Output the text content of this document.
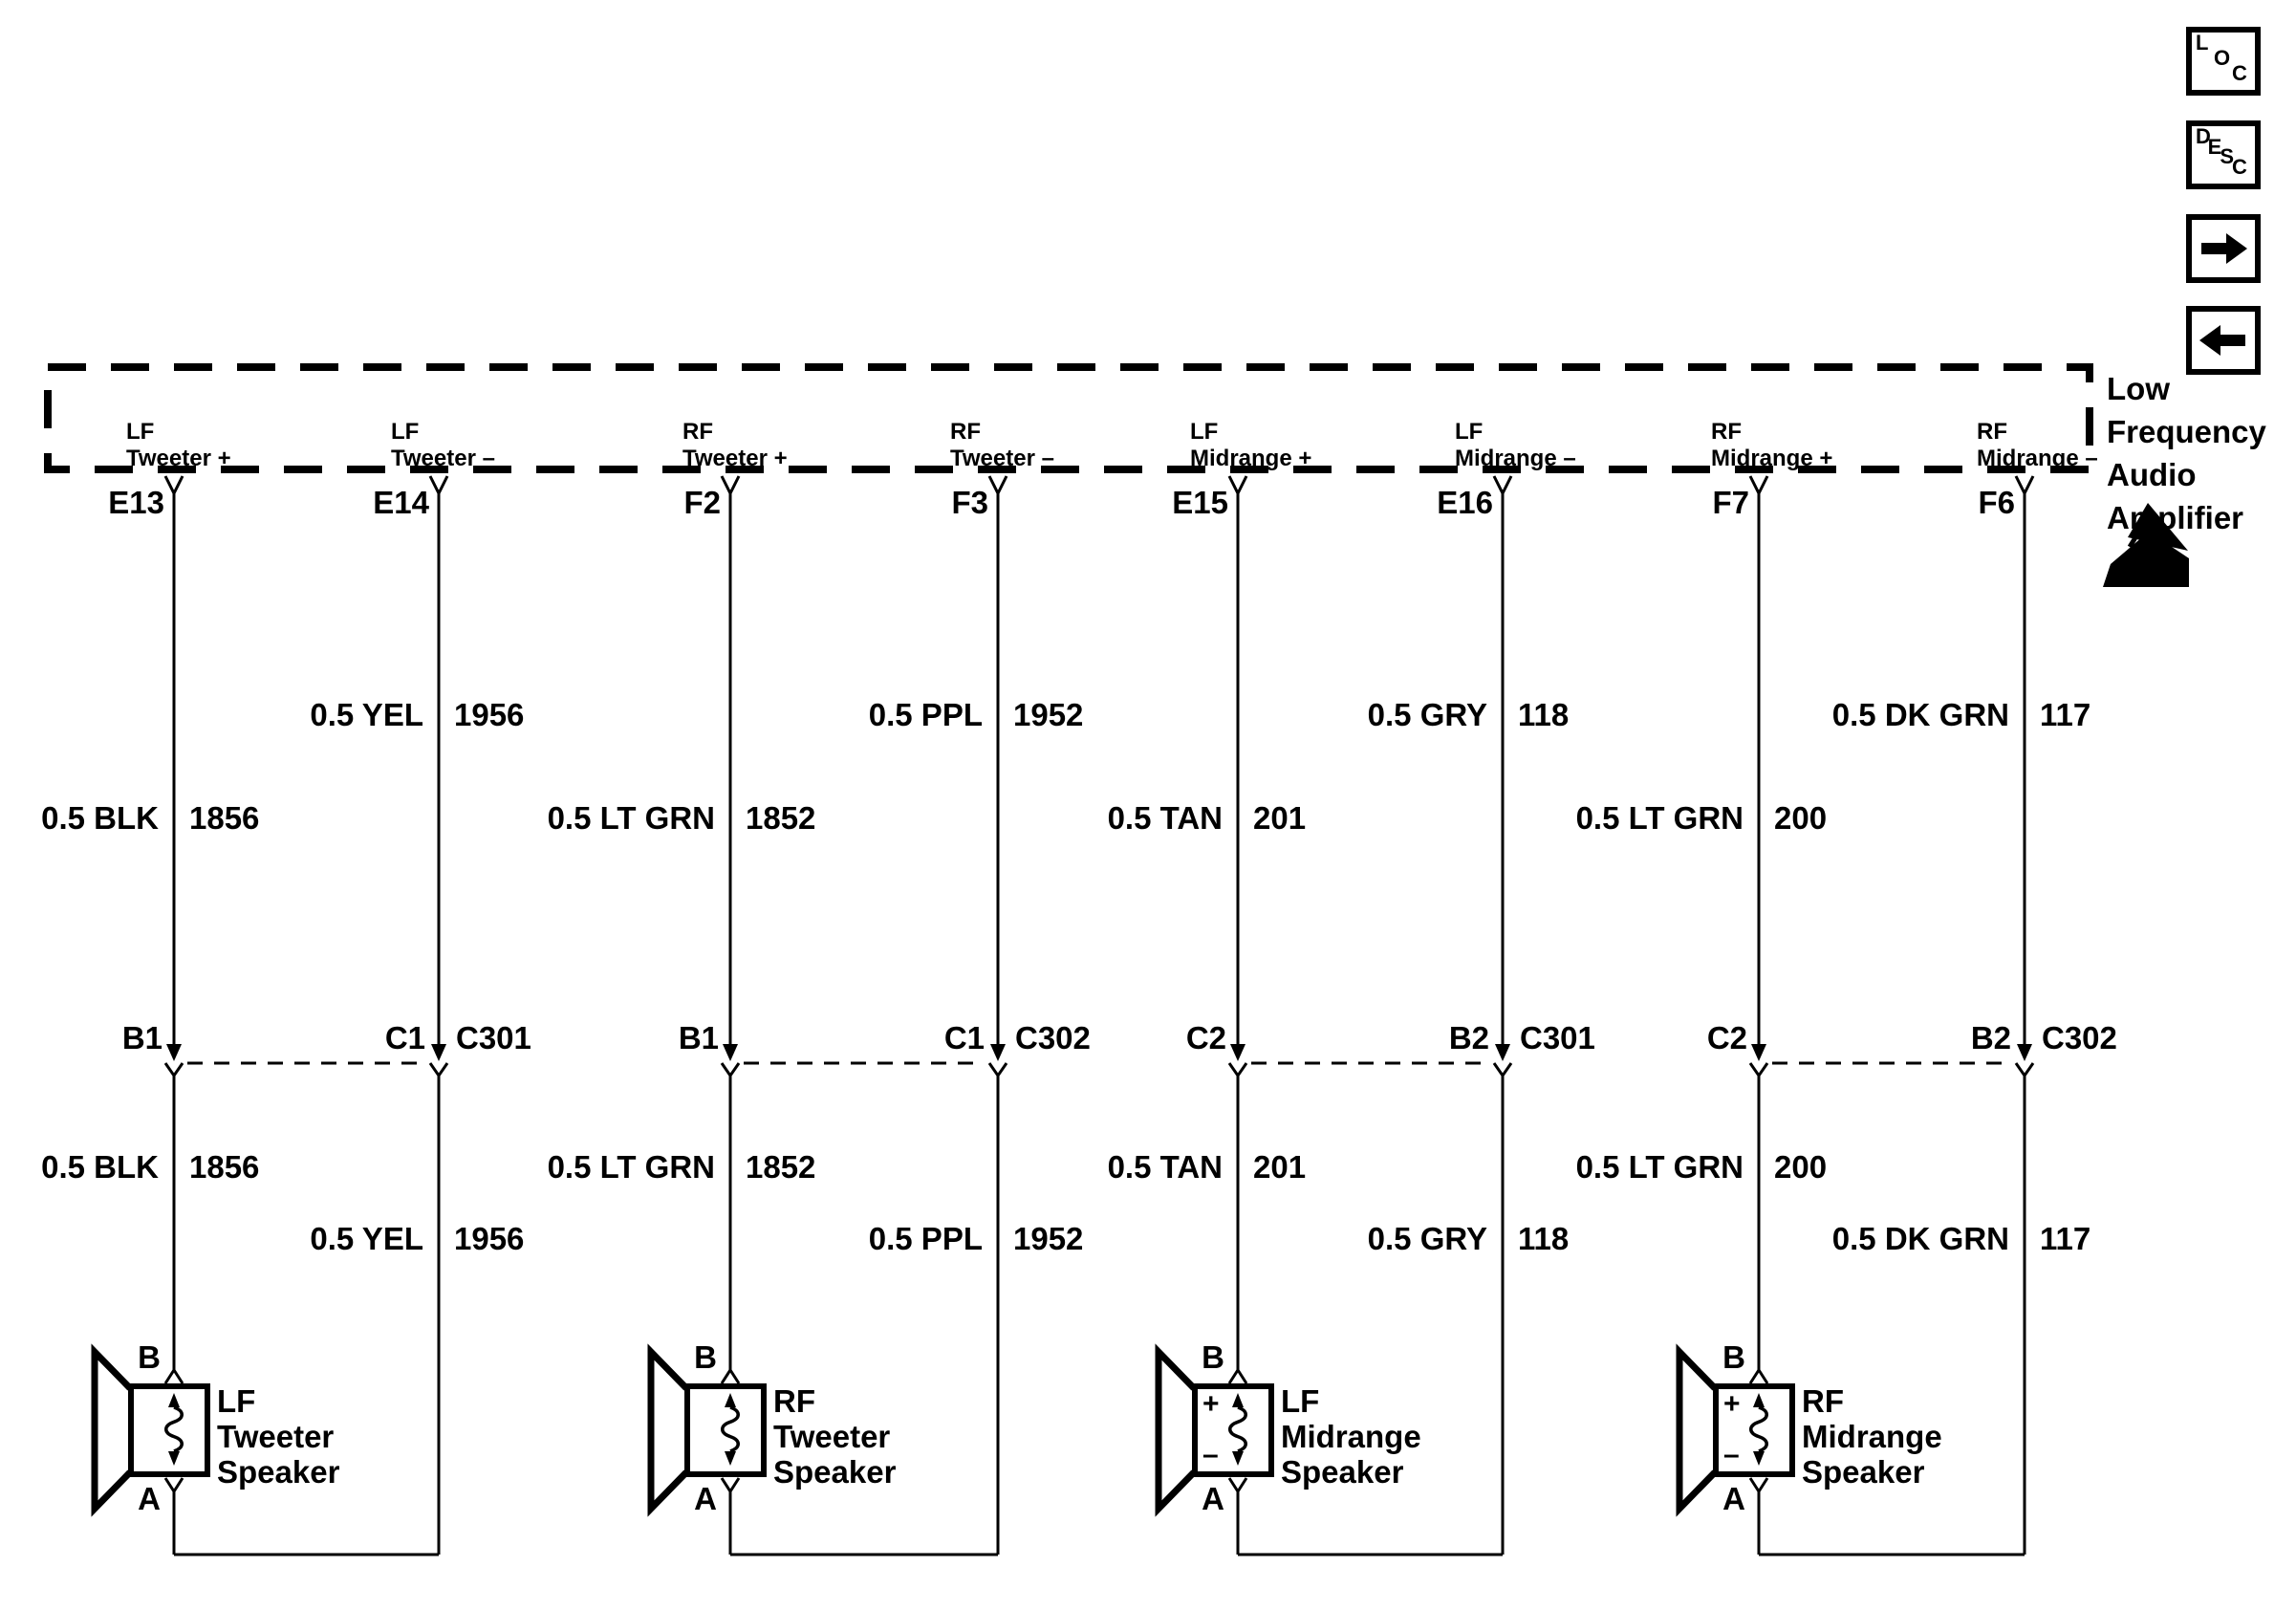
Low
Frequency
Audio
Amplifier
L
O
C
D
E
S
C
LF
Tweeter +
LF
Tweeter –
E13	E14
0.5 YEL 1956
0.5 BLK 1856
B1	C1 C301
0.5 BLK 1856
0.5 YEL 1956
B
A
LF
Tweeter
Speaker
RF
Tweeter +
RF
Tweeter –
F2	F3
0.5 PPL 1952
0.5 LT GRN 1852
B1	C1 C302
0.5 LT GRN 1852
0.5 PPL 1952
B
A
RF
Tweeter
Speaker
LF
Midrange +
LF
Midrange –
E15	E16
0.5 GRY 118
0.5 TAN 201
C2	B2 C301
0.5 TAN 201
0.5 GRY 118
B
A
+
–
LF
Midrange
Speaker
RF
Midrange +
RF
Midrange –
F7	F6
0.5 DK GRN 117
0.5 LT GRN 200
C2	B2 C302
0.5 LT GRN 200
0.5 DK GRN 117
B
A
+
–
RF
Midrange
Speaker
